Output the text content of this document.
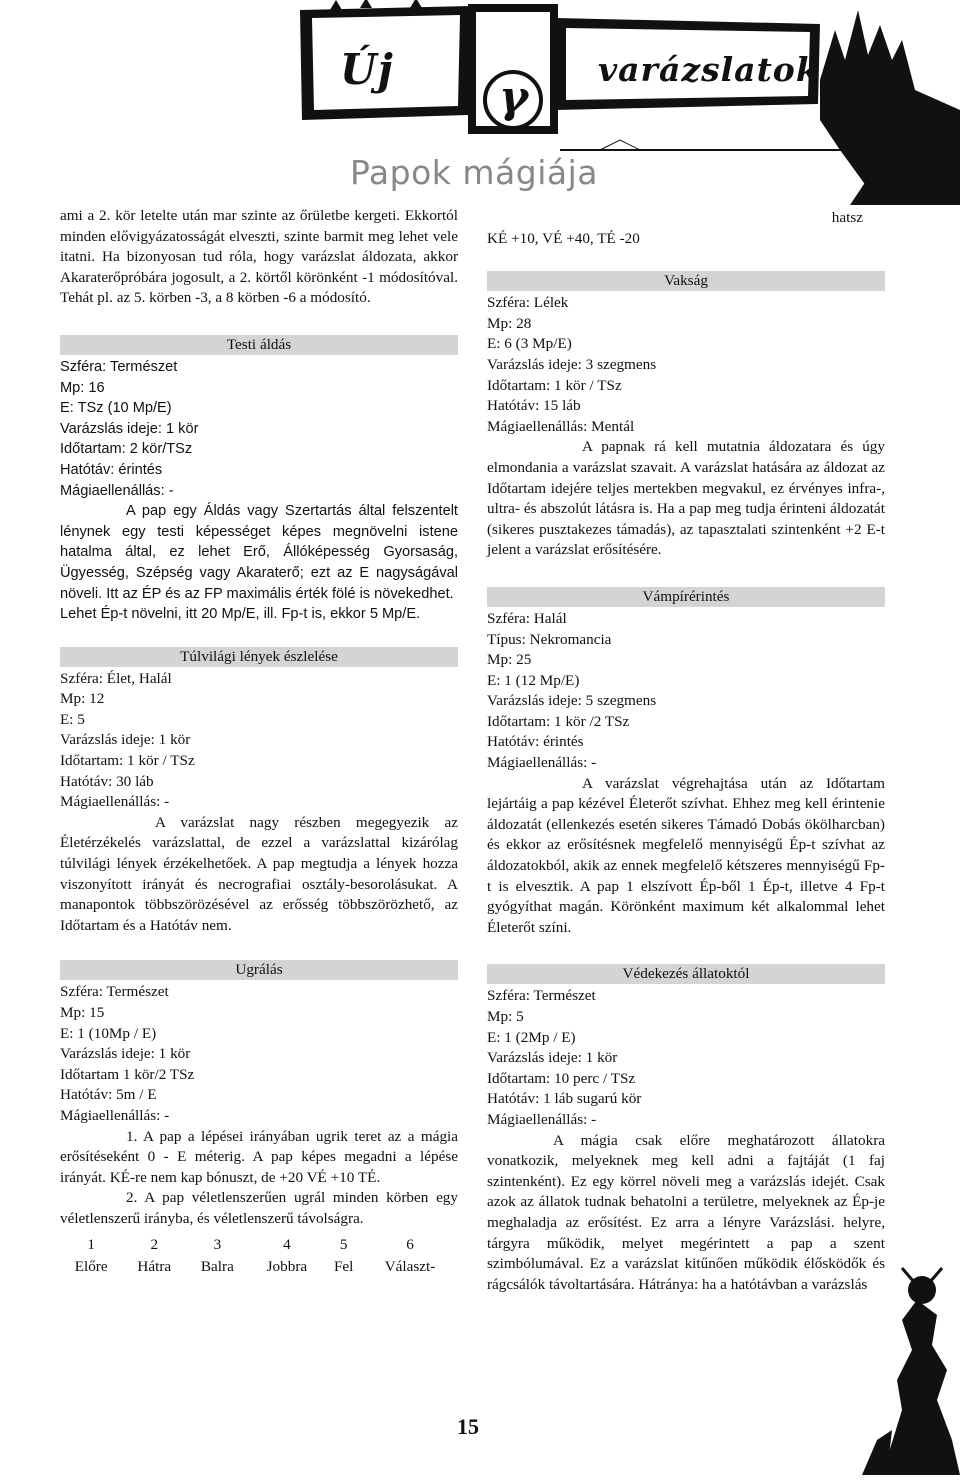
Új
γ
varázslatok
Papok mágiája

ami a 2. kör letelte után mar szinte az őrületbe kergeti. Ekkortól minden elővigyázatosságát elveszti, szinte barmit meg lehet vele itatni. Ha bizonyosan tud róla, hogy varázslat áldozata, akkor Akaraterőpróbára jogosult, a 2. körtől körönként -1 módosítóval. Tehát pl. az 5. körben -3, a 8 körben -6 a módosító.

Testi áldás

Szféra: Természet

Mp: 16

E: TSz (10 Mp/E)

Varázslás ideje: 1 kör

Időtartam: 2 kör/TSz

Hatótáv: érintés

Mágiaellenállás: -

A pap egy Áldás vagy Szertartás által felszentelt lénynek egy testi képességet képes megnövelni istene hatalma által, ez lehet Erő, Állóképesség Gyorsaság, Ügyesség, Szépség vagy Akaraterő; ezt az E nagyságával növeli. Itt az ÉP és az FP maximális érték fölé is növekedhet.

Lehet Ép-t növelni, itt 20 Mp/E, ill. Fp-t is, ekkor 5 Mp/E.

Túlvilági lények észlelése

Szféra: Élet, Halál

Mp: 12

E: 5

Varázslás ideje: 1 kör

Időtartam: 1 kör / TSz

Hatótáv: 30 láb

Mágiaellenállás: -

A varázslat nagy részben megegyezik az Életérzékelés varázslattal, de ezzel a varázslattal kizárólag túlvilági lények érzékelhetőek. A pap megtudja a lények hozza viszonyított irányát és necrografiai osztály-besorolásukat. A manapontok többszörözésével az erősség többszörözhető, az Időtartam és a Hatótáv nem.

Ugrálás

Szféra: Természet

Mp: 15

E: 1 (10Mp / E)

Varázslás ideje: 1 kör

Időtartam 1 kör/2 TSz

Hatótáv: 5m / E

Mágiaellenállás: -

1. A pap a lépései irányában ugrik teret az a mágia erősítéseként 0 - E méterig. A pap képes megadni a lépése irányát. KÉ-re nem kap bónuszt, de +20 VÉ +10 TÉ.

2. A pap véletlenszerűen ugrál minden körben egy véletlenszerű irányba, és véletlenszerű távolságra.

1	2	3	4	5	6
Előre	Hátra	Balra	Jobbra	Fel	Választ-

hatsz

KÉ +10, VÉ +40, TÉ -20

Vakság

Szféra: Lélek

Mp: 28

E: 6 (3 Mp/E)

Varázslás ideje: 3 szegmens

Időtartam: 1 kör / TSz

Hatótáv: 15 láb

Mágiaellenállás: Mentál

A papnak rá kell mutatnia áldozatara és úgy elmondania a varázslat szavait. A varázslat hatására az áldozat az Időtartam idejére teljes mertekben megvakul, ez érvényes infra-, ultra- és abszolút látásra is. Ha a pap meg tudja érinteni áldozatát (sikeres pusztakezes támadás), az tapasztalati szintenként +2 E-t jelent a varázslat erősítésére.

Vámpírérintés

Szféra: Halál

Típus: Nekromancia

Mp: 25

E: 1 (12 Mp/E)

Varázslás ideje: 5 szegmens

Időtartam: 1 kör /2 TSz

Hatótáv: érintés

Mágiaellenállás: -

A varázslat végrehajtása után az Időtartam lejártáig a pap kézével Életerőt szívhat. Ehhez meg kell érintenie áldozatát (ellenkezés esetén sikeres Támadó Dobás ökölharcban) és ekkor az erősítésnek megfelelő mennyiségű Ép-t szívhat az áldozatokból, akik az ennek megfelelő kétszeres mennyiségű Fp-t is elvesztik. A pap 1 elszívott Ép-ből 1 Ép-t, illetve 4 Fp-t gyógyíthat magán. Körönként maximum két alkalommal lehet Életerőt színi.

Védekezés állatoktól

Szféra: Természet

Mp: 5

E: 1 (2Mp / E)

Varázslás ideje: 1 kör

Időtartam: 10 perc / TSz

Hatótáv: 1 láb sugarú kör

Mágiaellenállás: -

A mágia csak előre meghatározott állatokra vonatkozik, melyeknek meg kell adni a fajtáját (1 faj szintenként). Ez egy körrel növeli meg a varázslás idejét. Csak azok az állatok tudnak behatolni a területre, melyeknek az Ép-je meghaladja az erősítést. Ez arra a lényre Varázslási. helyre, tárgyra működik, melyet megérintett a pap a szent szimbólumával. Ez a varázslat kitűnően működik élősködők és rágcsálók távoltartására. Hátránya: ha a hatótávban a varázslás

15
